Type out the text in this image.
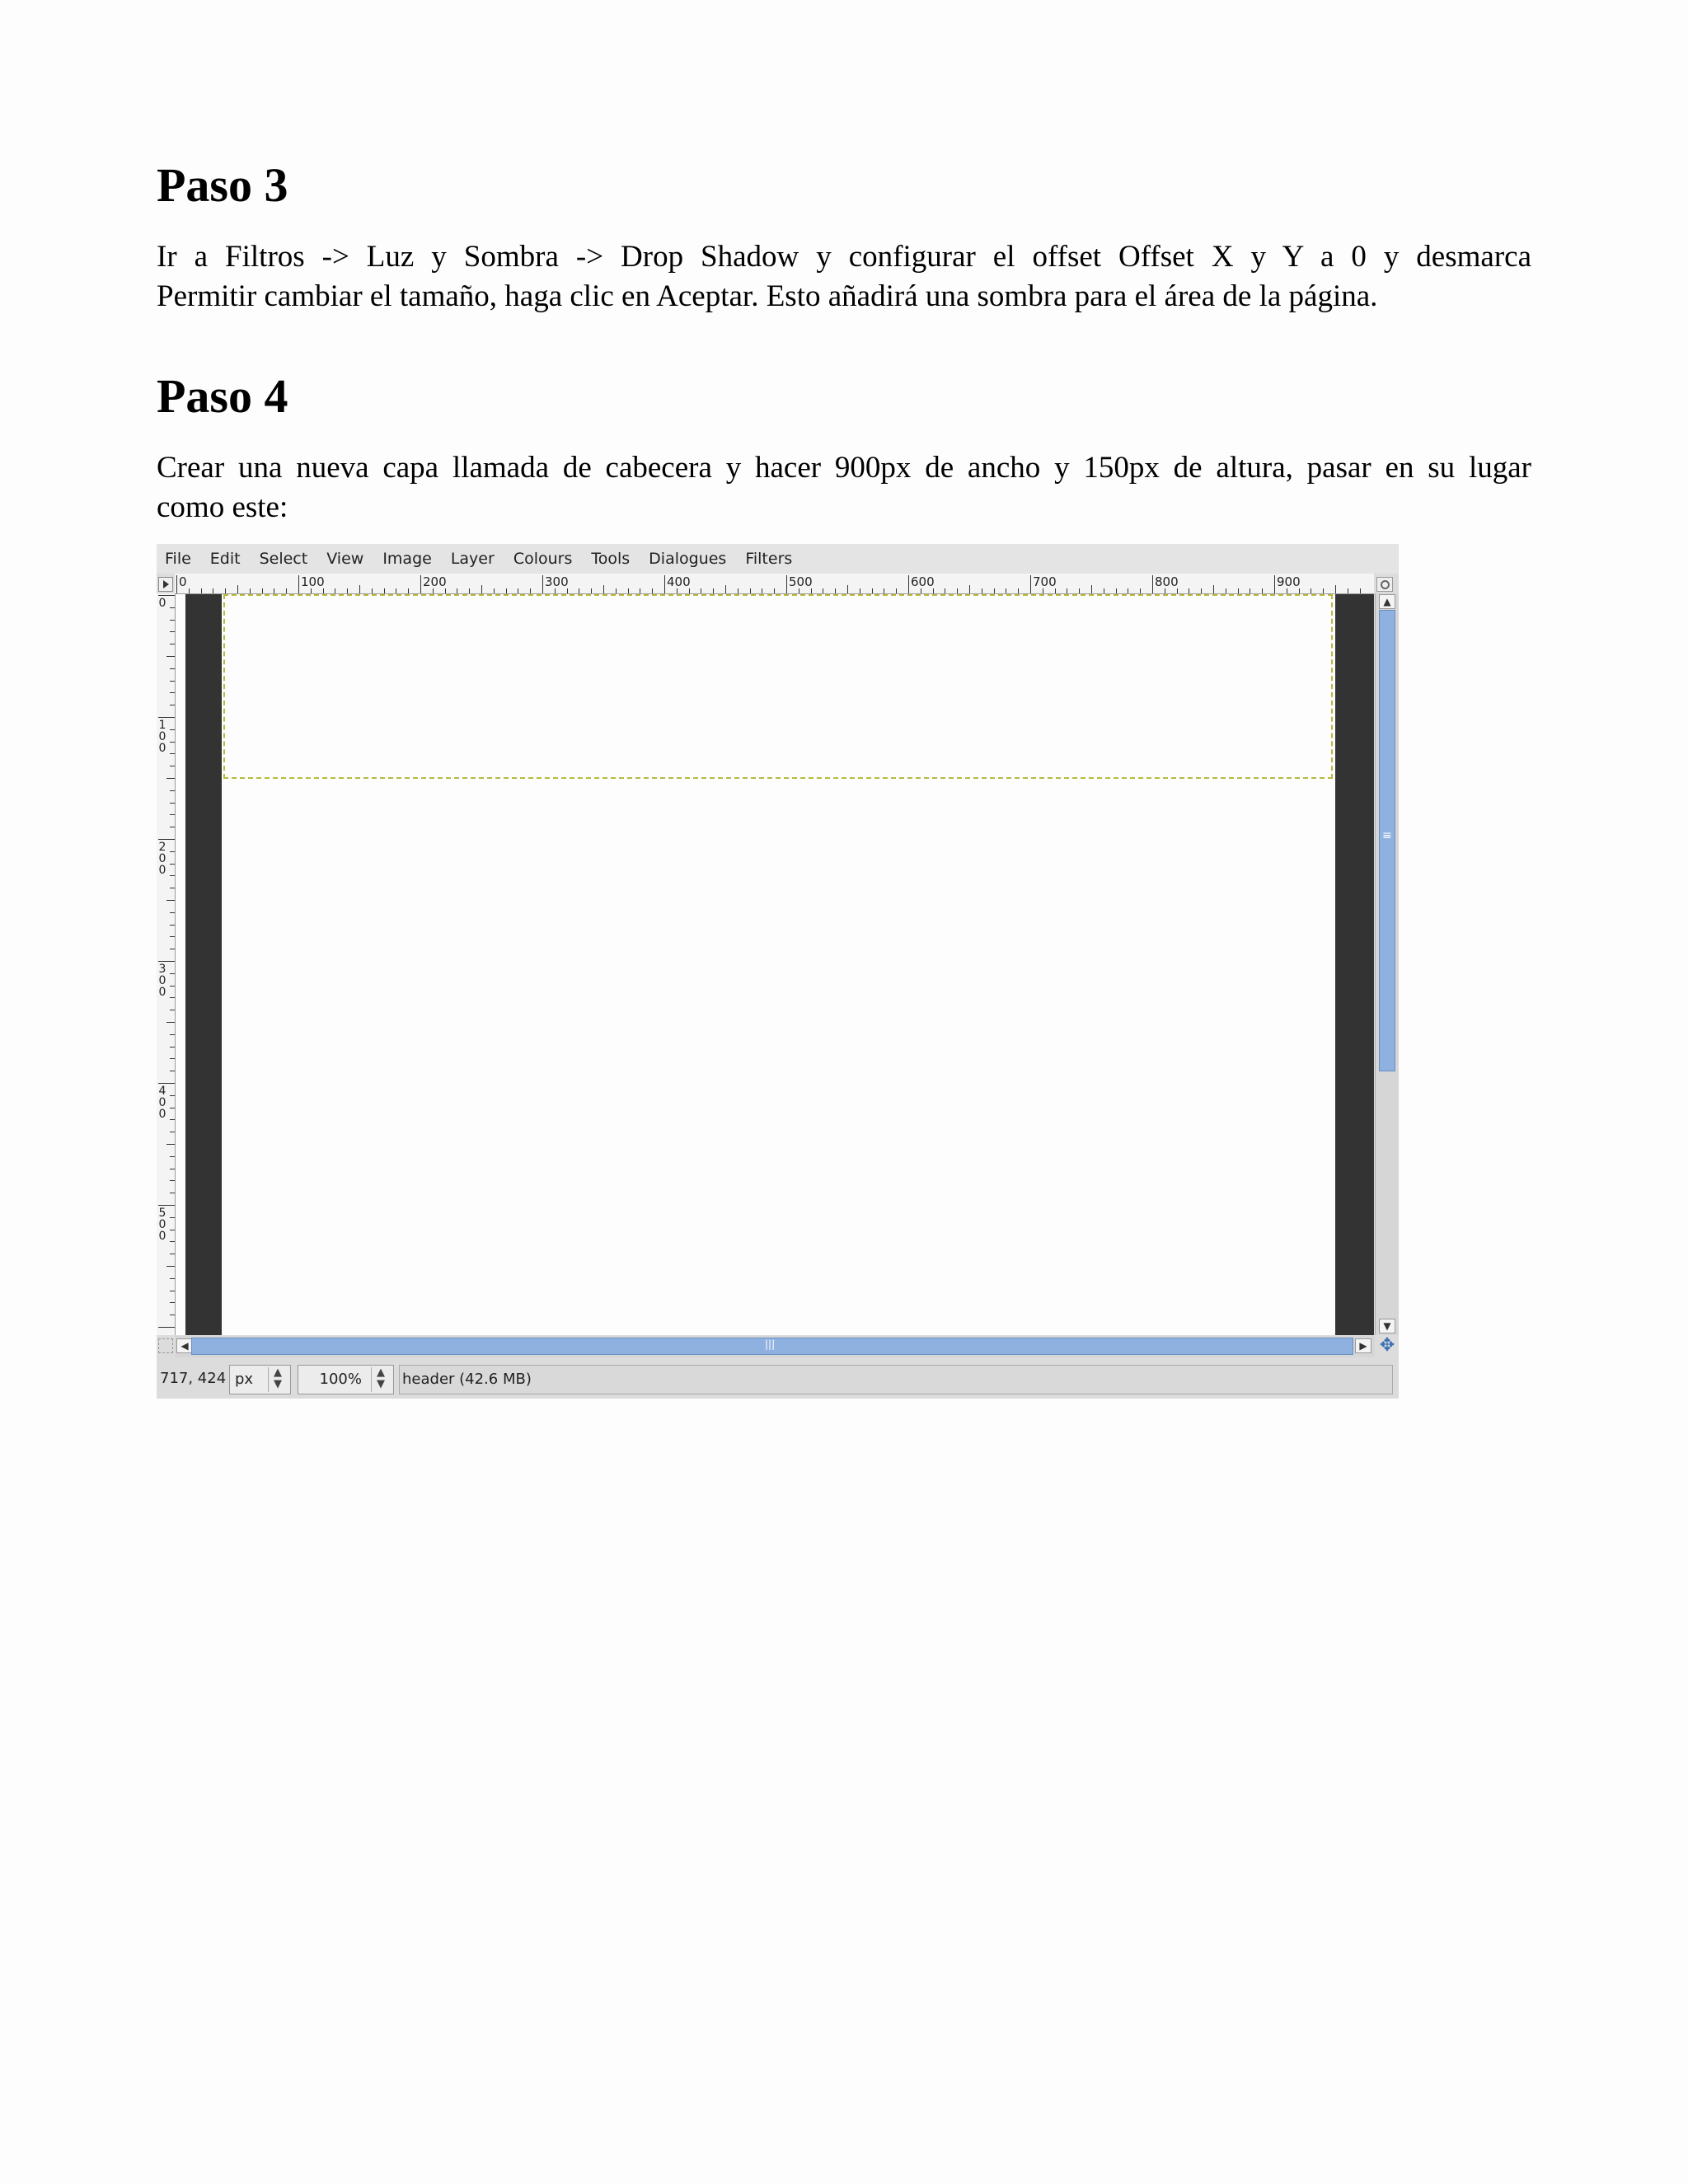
Paso 3

Ir a Filtros -> Luz y Sombra -> Drop Shadow y configurar el offset Offset X y Y a 0 y desmarca
Permitir cambiar el tamaño, haga clic en Aceptar. Esto añadirá una sombra para el área de la página.

Paso 4

Crear una nueva capa llamada de cabecera y hacer 900px de ancho y 150px de altura, pasar en su lugar
como este:

File	Edit	Select	View	Image	Layer	Colours	Tools	Dialogues	Filters
0	100	200	300	400	500	600	700	800	900
0
1
0
0
2
0
0
3
0
0
4
0
0
5
0
0
▲
≡
▼
◀
|||	▶ ✥
717, 424 px	▲
▼	100%	▲
▼	header (42.6 MB)
